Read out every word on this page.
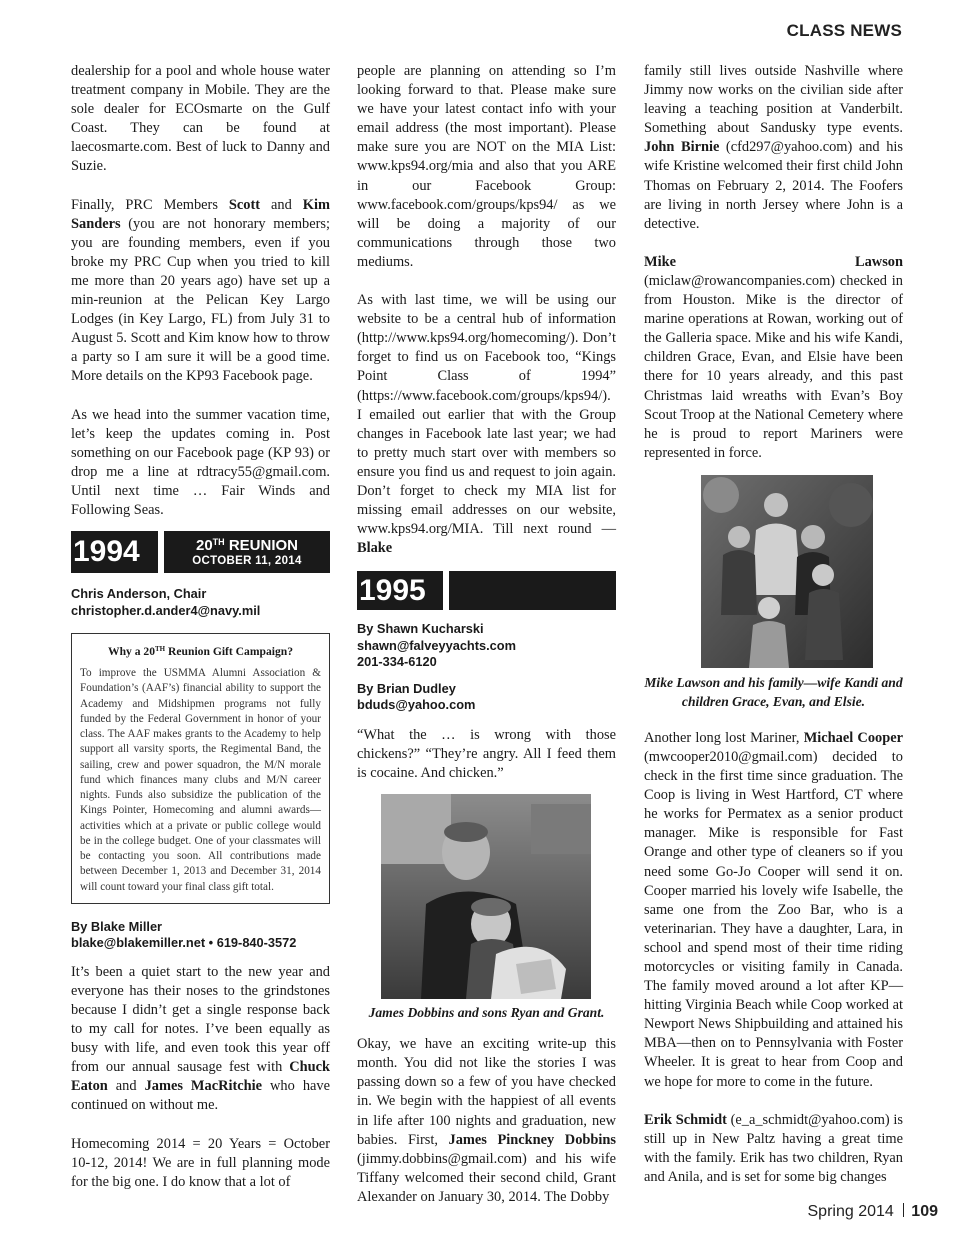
CLASS NEWS
dealership for a pool and whole house water treatment company in Mobile. They are the sole dealer for ECOsmarte on the Gulf Coast. They can be found at laecosmarte.com. Best of luck to Danny and Suzie.
Finally, PRC Members Scott and Kim Sanders (you are not honorary members; you are founding members, even if you broke my PRC Cup when you tried to kill me more than 20 years ago) have set up a min-reunion at the Pelican Key Largo Lodges (in Key Largo, FL) from July 31 to August 5. Scott and Kim know how to throw a party so I am sure it will be a good time. More details on the KP93 Facebook page.
As we head into the summer vacation time, let’s keep the updates coming in. Post something on our Facebook page (KP 93) or drop me a line at rdtracy55@gmail.com. Until next time … Fair Winds and Following Seas.
1994	20TH REUNION
OCTOBER 11, 2014
Chris Anderson, Chair
christopher.d.ander4@navy.mil
Why a 20TH Reunion Gift Campaign?
To improve the USMMA Alumni Association & Foundation’s (AAF’s) financial ability to support the Academy and Midshipmen programs not fully funded by the Federal Government in honor of your class. The AAF makes grants to the Academy to help support all varsity sports, the Regimental Band, the sailing, crew and power squadron, the M/N morale fund which finances many clubs and M/N career nights. Funds also subsidize the publication of the Kings Pointer, Homecoming and alumni awards—activities which at a private or public college would be in the college budget. One of your classmates will be contacting you soon. All contributions made between December 1, 2013 and December 31, 2014 will count toward your final class gift total.
By Blake Miller
blake@blakemiller.net • 619-840-3572
It’s been a quiet start to the new year and everyone has their noses to the grindstones because I didn’t get a single response back to my call for notes. I’ve been equally as busy with life, and even took this year off from our annual sausage fest with Chuck Eaton and James MacRitchie who have continued on without me.
Homecoming 2014 = 20 Years = October 10-12, 2014! We are in full planning mode for the big one. I do know that a lot of
people are planning on attending so I’m looking forward to that. Please make sure we have your latest contact info with your email address (the most important). Please make sure you are NOT on the MIA List: www.kps94.org/mia and also that you ARE in our Facebook Group: www.facebook.com/groups/kps94/ as we will be doing a majority of our communications through those two mediums.
As with last time, we will be using our website to be a central hub of information (http://www.kps94.org/homecoming/). Don’t forget to find us on Facebook too, “Kings Point Class of 1994” (https://www.facebook.com/groups/kps94/). I emailed out earlier that with the Group changes in Facebook late last year; we had to pretty much start over with members so ensure you find us and request to join again. Don’t forget to check my MIA list for missing email addresses on our website, www.kps94.org/MIA. Till next round — Blake
1995
By Shawn Kucharski
shawn@falveyyachts.com
201-334-6120
By Brian Dudley
bduds@yahoo.com
“What the … is wrong with those chickens?” “They’re angry. All I feed them is cocaine. And chicken.”
James Dobbins and sons Ryan and Grant.
Okay, we have an exciting write-up this month. You did not like the stories I was passing down so a few of you have checked in. We begin with the happiest of all events in life after 100 nights and graduation, new babies. First, James Pinckney Dobbins (jimmy.dobbins@gmail.com) and his wife Tiffany welcomed their second child, Grant Alexander on January 30, 2014. The Dobby
family still lives outside Nashville where Jimmy now works on the civilian side after leaving a teaching position at Vanderbilt. Something about Sandusky type events. John Birnie (cfd297@yahoo.com) and his wife Kristine welcomed their first child John Thomas on February 2, 2014. The Foofers are living in north Jersey where John is a detective.
Mike Lawson (miclaw@rowancompanies.com) checked in from Houston. Mike is the director of marine operations at Rowan, working out of the Galleria space. Mike and his wife Kandi, children Grace, Evan, and Elsie have been there for 10 years already, and this past Christmas laid wreaths with Evan’s Boy Scout Troop at the National Cemetery where he is proud to report Mariners were represented in force.
Mike Lawson and his family—wife Kandi and children Grace, Evan, and Elsie.
Another long lost Mariner, Michael Cooper (mwcooper2010@gmail.com) decided to check in the first time since graduation. The Coop is living in West Hartford, CT where he works for Permatex as a senior product manager. Mike is responsible for Fast Orange and other type of cleaners so if you need some Go-Jo Cooper will send it on. Cooper married his lovely wife Isabelle, the same one from the Zoo Bar, who is a veterinarian. They have a daughter, Lara, in school and spend most of their time riding motorcycles or visiting family in Canada. The family moved around a lot after KP—hitting Virginia Beach while Coop worked at Newport News Shipbuilding and attained his MBA—then on to Pennsylvania with Foster Wheeler. It is great to hear from Coop and we hope for more to come in the future.
Erik Schmidt (e_a_schmidt@yahoo.com) is still up in New Paltz having a great time with the family. Erik has two children, Ryan and Anila, and is set for some big changes
Spring 2014 109
